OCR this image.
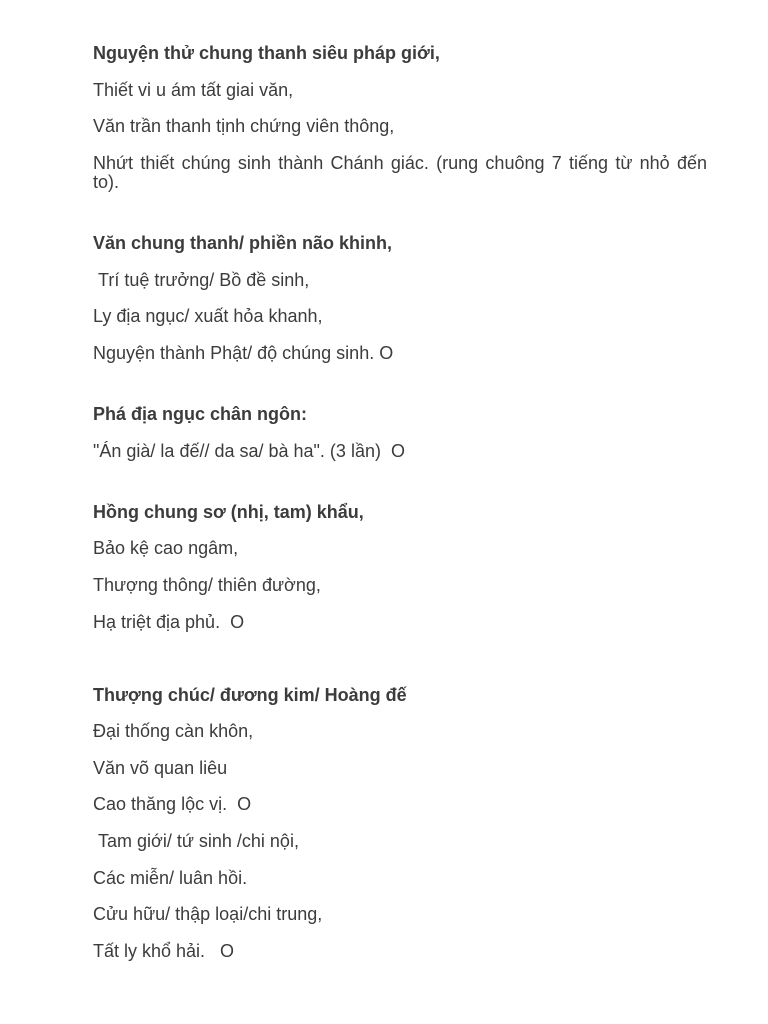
Nguyện thử chung thanh siêu pháp giới,

Thiết vi u ám tất giai văn,

Văn trần thanh tịnh chứng viên thông,

Nhứt thiết chúng sinh thành Chánh giác. (rung chuông 7 tiếng từ nhỏ đến to).

Văn chung thanh/ phiền não khinh,

Trí tuệ trưởng/ Bồ đề sinh,

Ly địa ngục/ xuất hỏa khanh,

Nguyện thành Phật/ độ chúng sinh. O

Phá địa ngục chân ngôn:

"Án già/ la đế// da sa/ bà ha". (3 lần)  O

Hồng chung sơ (nhị, tam) khẩu,

Bảo kệ cao ngâm,

Thượng thông/ thiên đường,

Hạ triệt địa phủ.  O

Thượng chúc/ đương kim/ Hoàng đế

Đại thống càn khôn,

Văn võ quan liêu

Cao thăng lộc vị.  O

Tam giới/ tứ sinh /chi nội,

Các miễn/ luân hồi.

Cửu hữu/ thập loại/chi trung,

Tất ly khổ hải.   O
